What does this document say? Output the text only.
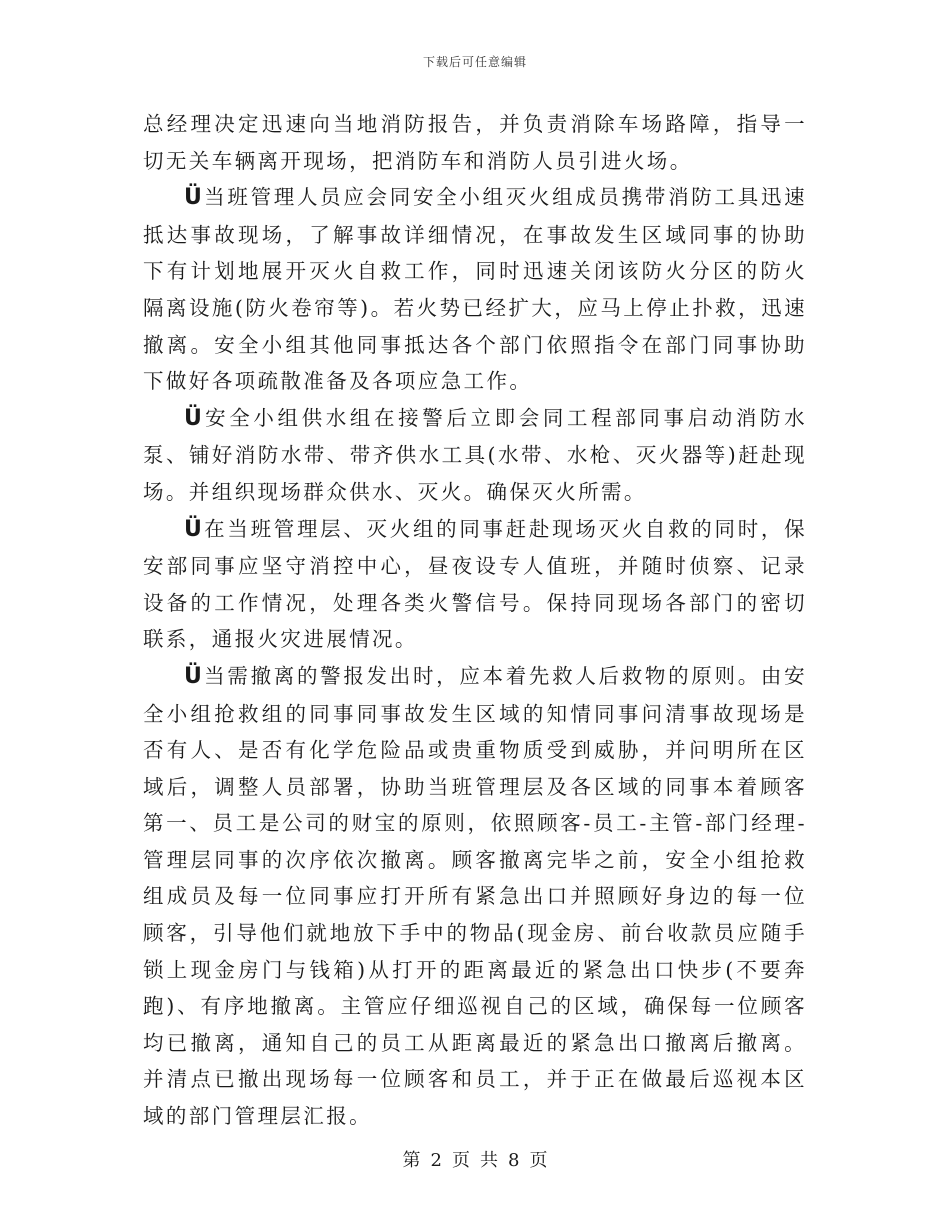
下载后可任意编辑

总经理决定迅速向当地消防报告，并负责消除车场路障，指导一切无关车辆离开现场，把消防车和消防人员引进火场。

Ü当班管理人员应会同安全小组灭火组成员携带消防工具迅速抵达事故现场，了解事故详细情况，在事故发生区域同事的协助下有计划地展开灭火自救工作，同时迅速关闭该防火分区的防火隔离设施(防火卷帘等)。若火势已经扩大，应马上停止扑救，迅速撤离。安全小组其他同事抵达各个部门依照指令在部门同事协助下做好各项疏散准备及各项应急工作。

Ü安全小组供水组在接警后立即会同工程部同事启动消防水泵、铺好消防水带、带齐供水工具(水带、水枪、灭火器等)赶赴现场。并组织现场群众供水、灭火。确保灭火所需。

Ü在当班管理层、灭火组的同事赶赴现场灭火自救的同时，保安部同事应坚守消控中心，昼夜设专人值班，并随时侦察、记录设备的工作情况，处理各类火警信号。保持同现场各部门的密切联系，通报火灾进展情况。

Ü当需撤离的警报发出时，应本着先救人后救物的原则。由安全小组抢救组的同事同事故发生区域的知情同事问清事故现场是否有人、是否有化学危险品或贵重物质受到威胁，并问明所在区域后，调整人员部署，协助当班管理层及各区域的同事本着顾客第一、员工是公司的财宝的原则，依照顾客-员工-主管-部门经理-管理层同事的次序依次撤离。顾客撤离完毕之前，安全小组抢救组成员及每一位同事应打开所有紧急出口并照顾好身边的每一位顾客，引导他们就地放下手中的物品(现金房、前台收款员应随手锁上现金房门与钱箱)从打开的距离最近的紧急出口快步(不要奔跑)、有序地撤离。主管应仔细巡视自己的区域，确保每一位顾客均已撤离，通知自己的员工从距离最近的紧急出口撤离后撤离。并清点已撤出现场每一位顾客和员工，并于正在做最后巡视本区域的部门管理层汇报。

第 2 页 共 8 页
